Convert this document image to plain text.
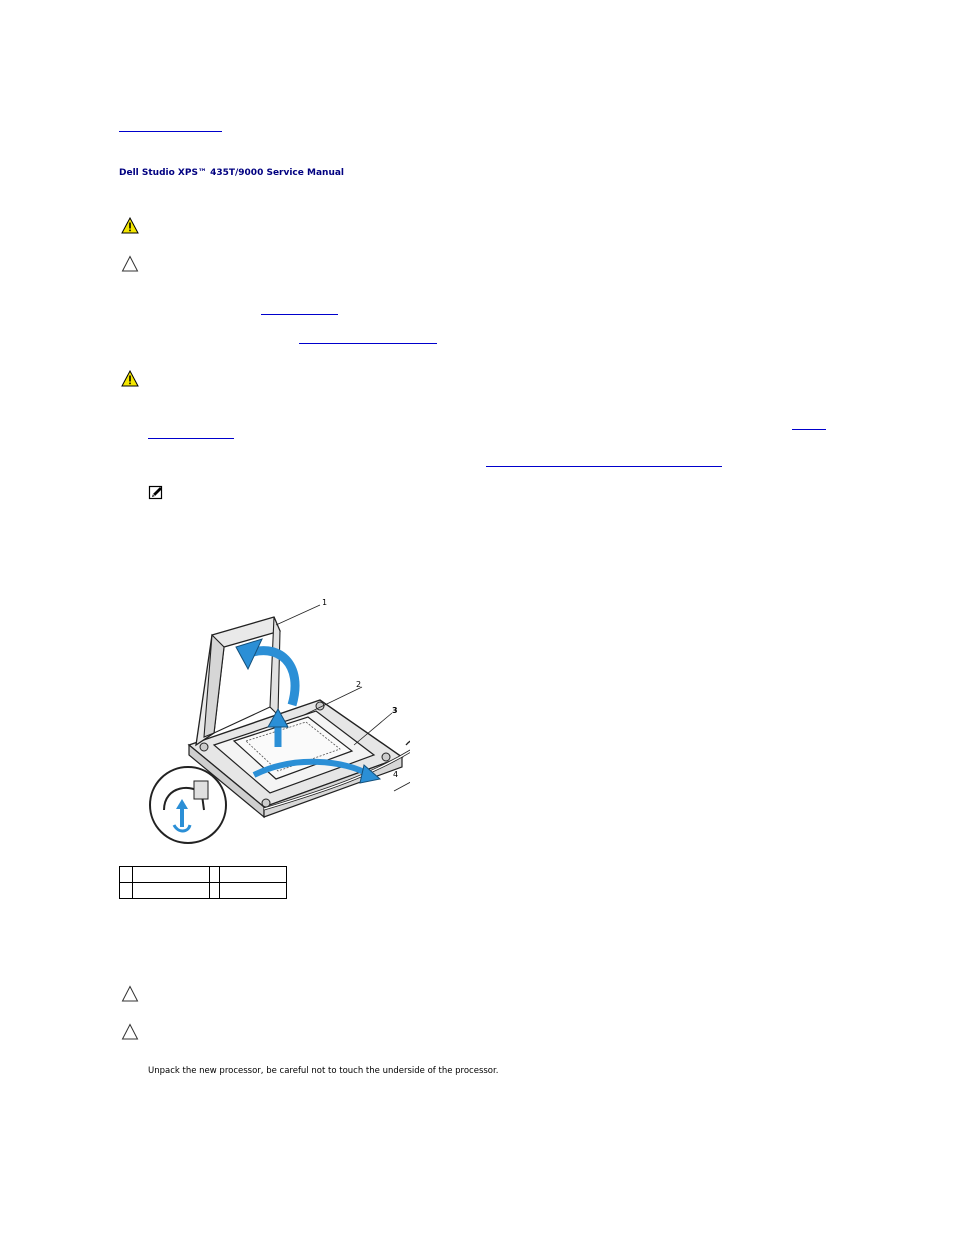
Dell Studio XPS™ 435T/9000 Service Manual
1
2
3
4

Unpack the new processor, be careful not to touch the underside of the processor.
